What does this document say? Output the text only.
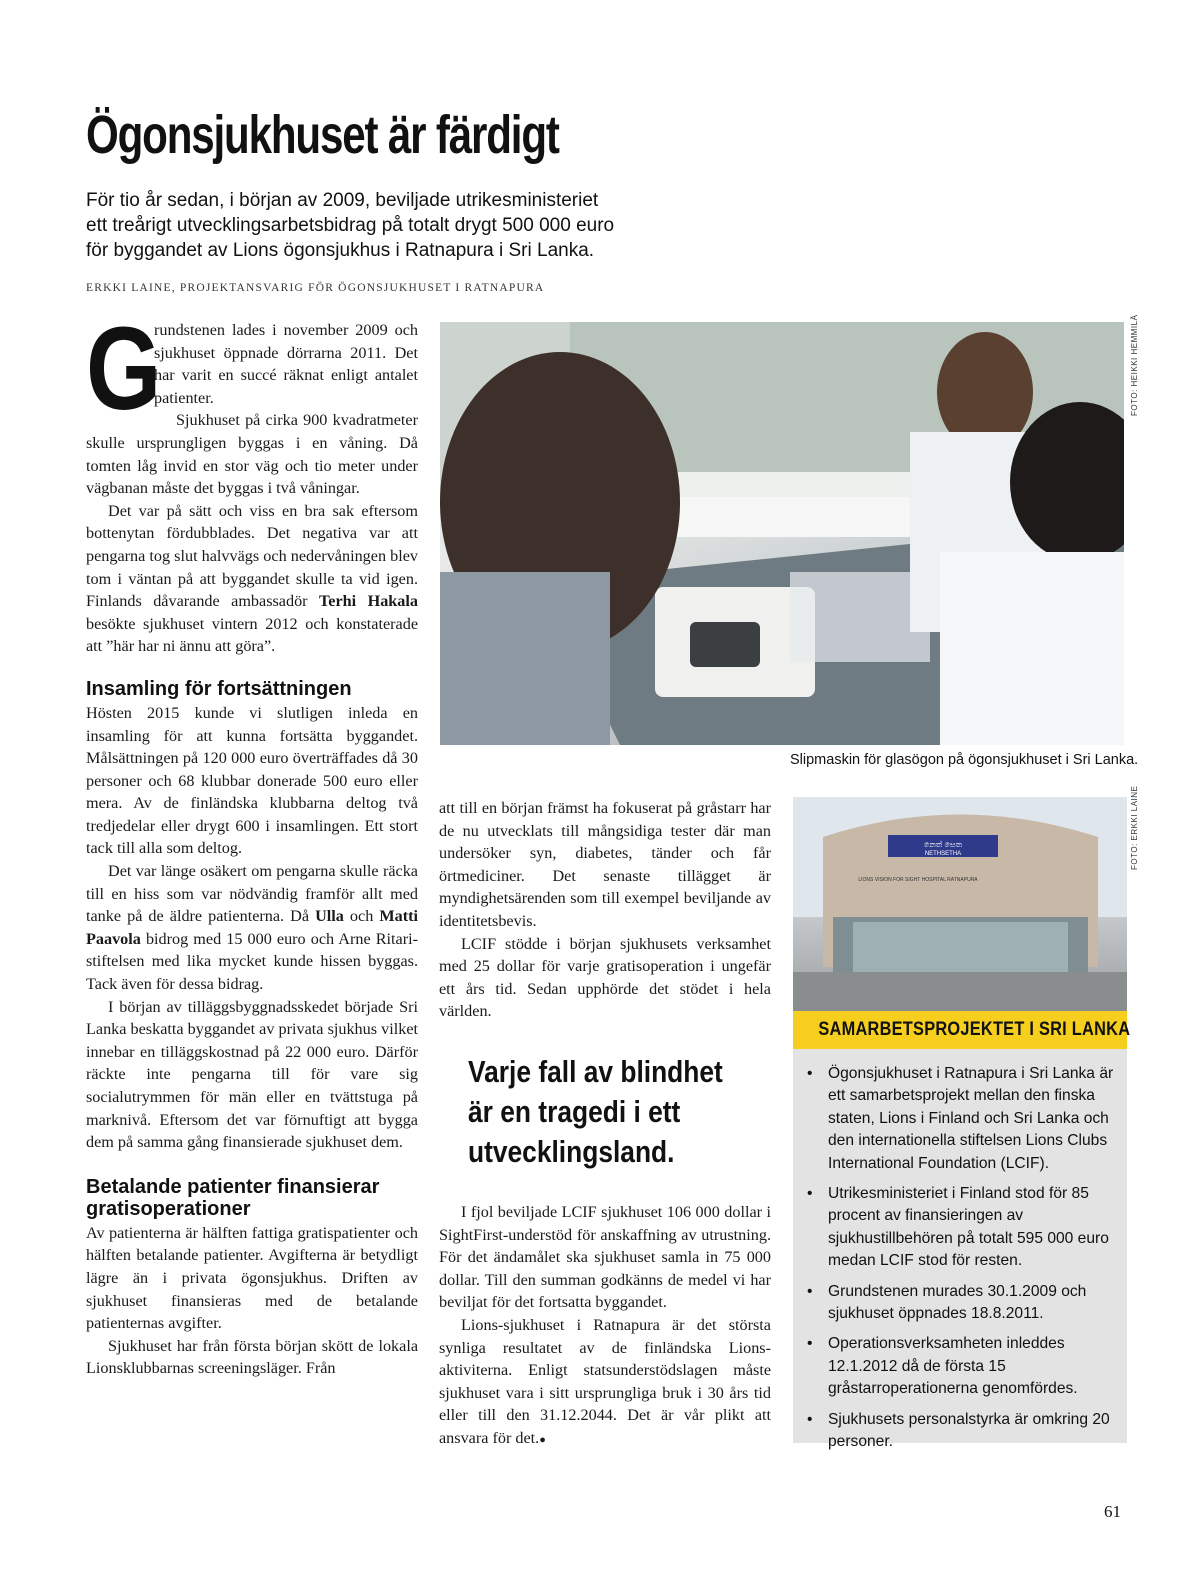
Ögonsjukhuset är färdigt
För tio år sedan, i början av 2009, beviljade utrikesministeriet
ett treårigt utvecklingsarbetsbidrag på totalt drygt 500 000 euro
för byggandet av Lions ögonsjukhus i Ratnapura i Sri Lanka.
ERKKI LAINE, PROJEKTANSVARIG FÖR ÖGONSJUKHUSET I RATNAPURA

G
rundstenen lades i november 2009 och sjukhuset öppnade dörrarna 2011. Det har varit en succé räknat enligt antalet patienter.

Sjukhuset på cirka 900 kvadratmeter skulle ursprungligen byggas i en våning. Då tomten låg invid en stor väg och tio meter under vägbanan måste det byggas i två våningar.

Det var på sätt och viss en bra sak eftersom bottenytan fördubblades. Det negativa var att pengarna tog slut halvvägs och nedervåningen blev tom i väntan på att byggandet skulle ta vid igen. Finlands dåvarande ambassadör Terhi Hakala besökte sjukhuset vintern 2012 och konstaterade att ”här har ni ännu att göra”.

Insamling för fortsättningen

Hösten 2015 kunde vi slutligen inleda en insamling för att kunna fortsätta byggandet. Målsättningen på 120 000 euro överträffades då 30 personer och 68 klubbar donerade 500 euro eller mera. Av de finländska klubbarna deltog två tredjedelar eller drygt 600 i insamlingen. Ett stort tack till alla som deltog.

Det var länge osäkert om pengarna skulle räcka till en hiss som var nödvändig framför allt med tanke på de äldre patienterna. Då Ulla och Matti Paavola bidrog med 15 000 euro och Arne Ritari-stiftelsen med lika mycket kunde hissen byggas. Tack även för dessa bidrag.

I början av tilläggsbyggnadsskedet började Sri Lanka beskatta byggandet av privata sjukhus vilket innebar en tilläggskostnad på 22 000 euro. Därför räckte inte pengarna till för vare sig socialutrymmen för män eller en tvättstuga på marknivå. Eftersom det var förnuftigt att bygga dem på samma gång finansierade sjukhuset dem.

Betalande patienter finansierar gratisoperationer

Av patienterna är hälften fattiga gratispatienter och hälften betalande patienter. Avgifterna är betydligt lägre än i privata ögonsjukhus. Driften av sjukhuset finansieras med de betalande patienternas avgifter.

Sjukhuset har från första början skött de lokala Lionsklubbarnas screeningsläger. Från

FOTO: HEIKKI HEMMILÄ
Slipmaskin för glasögon på ögonsjukhuset i Sri Lanka.

att till en början främst ha fokuserat på gråstarr har de nu utvecklats till mångsidiga tester där man undersöker syn, diabetes, tänder och får örtmediciner. Det senaste tillägget är myndighetsärenden som till exempel beviljande av identitetsbevis.

LCIF stödde i början sjukhusets verksamhet med 25 dollar för varje gratisoperation i ungefär ett års tid. Sedan upphörde det stödet i hela världen.

I fjol beviljade LCIF sjukhuset 106 000 dollar i SightFirst-understöd för anskaffning av utrustning. För det ändamålet ska sjukhuset samla in 75 000 dollar. Till den summan godkänns de medel vi har beviljat för det fortsatta byggandet.

Lions-sjukhuset i Ratnapura är det största synliga resultatet av de finländska Lions-aktiviterna. Enligt statsunderstödslagen måste sjukhuset vara i sitt ursprungliga bruk i 30 års tid eller till den 31.12.2044. Det är vår plikt att ansvara för det.●

Varje fall av blindhet
är en tragedi i ett
utvecklingsland.
නෙත් සෙත
NETHSETHA
LIONS VISION FOR SIGHT HOSPITAL RATNAPURA
FOTO: ERKKI LAINE
SAMARBETSPROJEKTET I SRI LANKA
• Ögonsjukhuset i Ratnapura i Sri Lanka är ett samarbetsprojekt mellan den finska staten, Lions i Finland och Sri Lanka och den internationella stiftelsen Lions Clubs International Foundation (LCIF).
• Utrikesministeriet i Finland stod för 85 procent av finansieringen av sjukhustillbehören på totalt 595 000 euro medan LCIF stod för resten.
• Grundstenen murades 30.1.2009 och sjukhuset öppnades 18.8.2011.
• Operationsverksamheten inleddes 12.1.2012 då de första 15 gråstarroperationerna genomfördes.
• Sjukhusets personalstyrka är omkring 20 personer.
61
